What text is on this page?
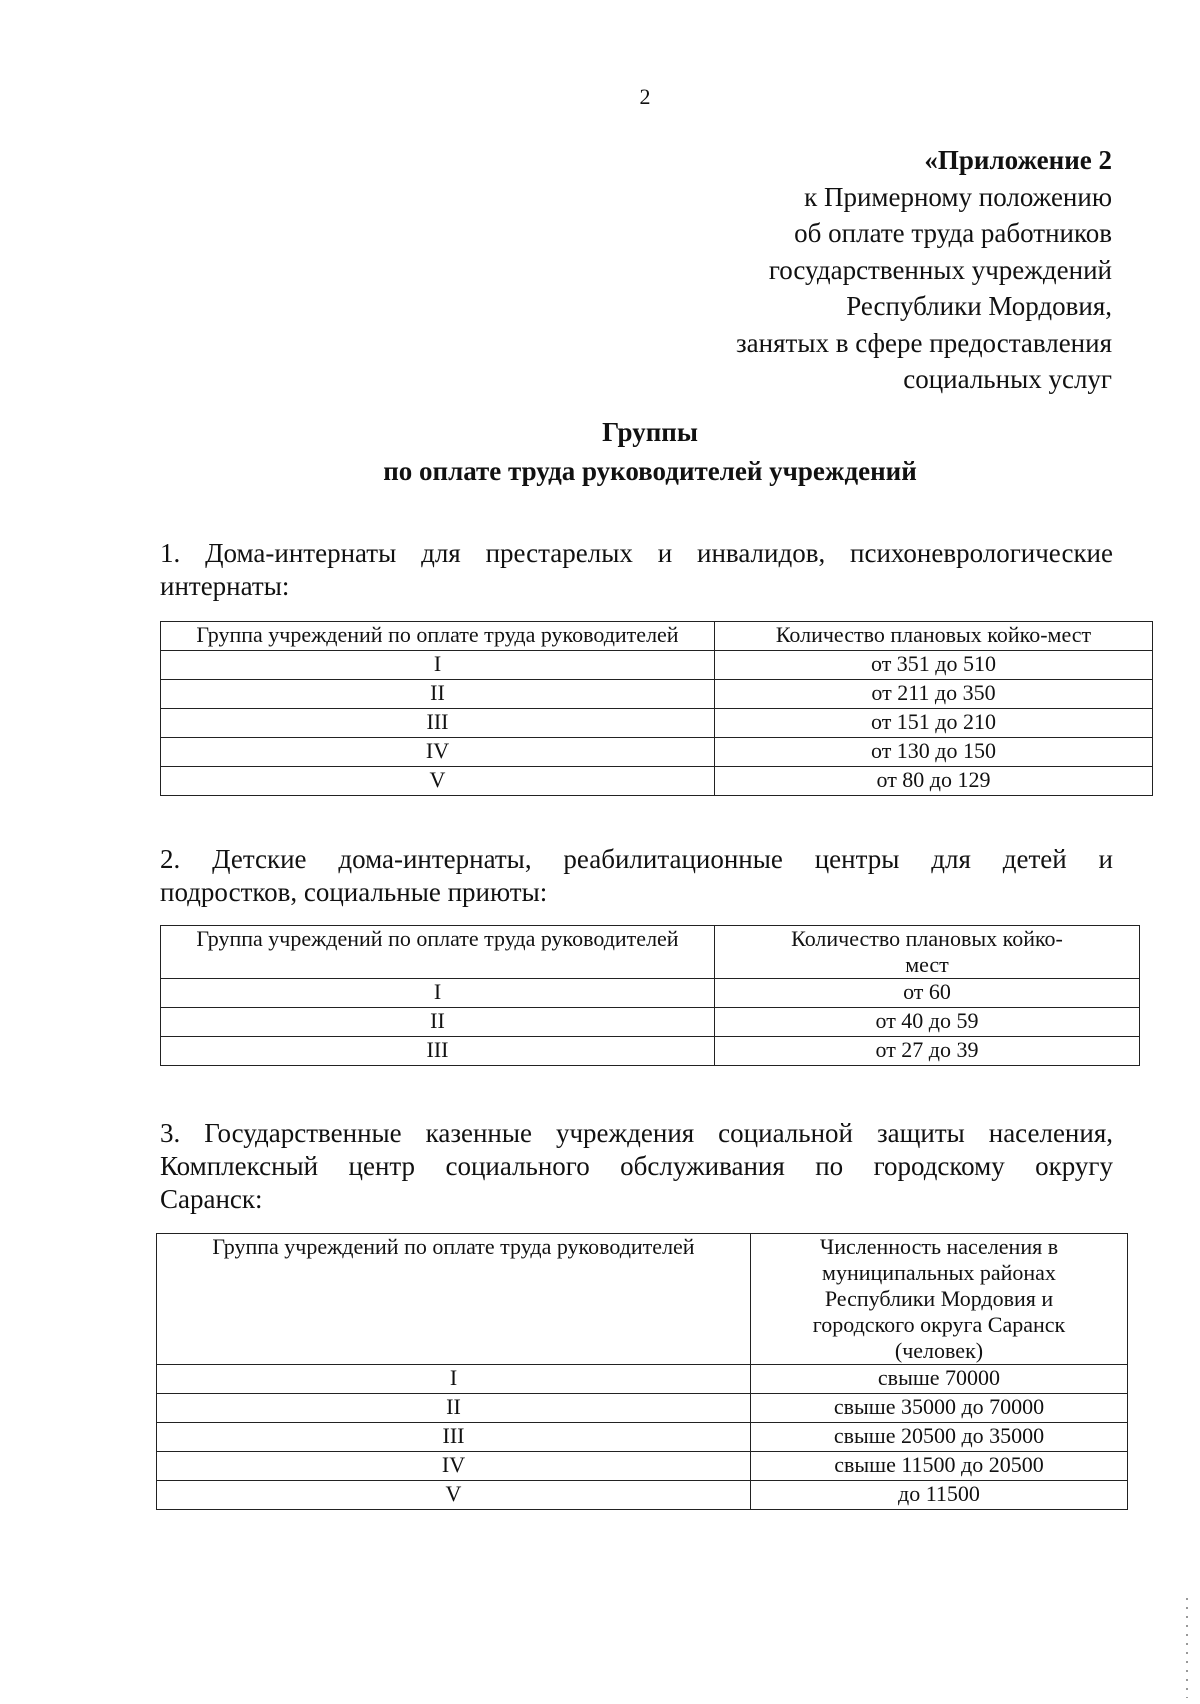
2
«Приложение 2
к Примерному положению
об оплате труда работников
государственных учреждений
Республики Мордовия,
занятых в сфере предоставления
социальных услуг
Группы
по оплате труда руководителей учреждений
1. Дома-интернаты для престарелых и инвалидов, психоневрологические
интернаты:
Группа учреждений по оплате труда руководителей	Количество плановых койко-мест
I	от 351 до 510
II	от 211 до 350
III	от 151 до 210
IV	от 130 до 150
V	от 80 до 129
2. Детские дома-интернаты, реабилитационные центры для детей и
подростков, социальные приюты:
Группа учреждений по оплате труда руководителей	Количество плановых койко-
мест

I	от 60
II	от 40 до 59
III	от 27 до 39
3. Государственные казенные учреждения социальной защиты населения,
Комплексный центр социального обслуживания по городскому округу
Саранск:
Группа учреждений по оплате труда руководителей	Численность населения в
муниципальных районах
Республики Мордовия и
городского округа Саранск
(человек)

I	свыше 70000
II	свыше 35000 до 70000
III	свыше 20500 до 35000
IV	свыше 11500 до 20500
V	до 11500
